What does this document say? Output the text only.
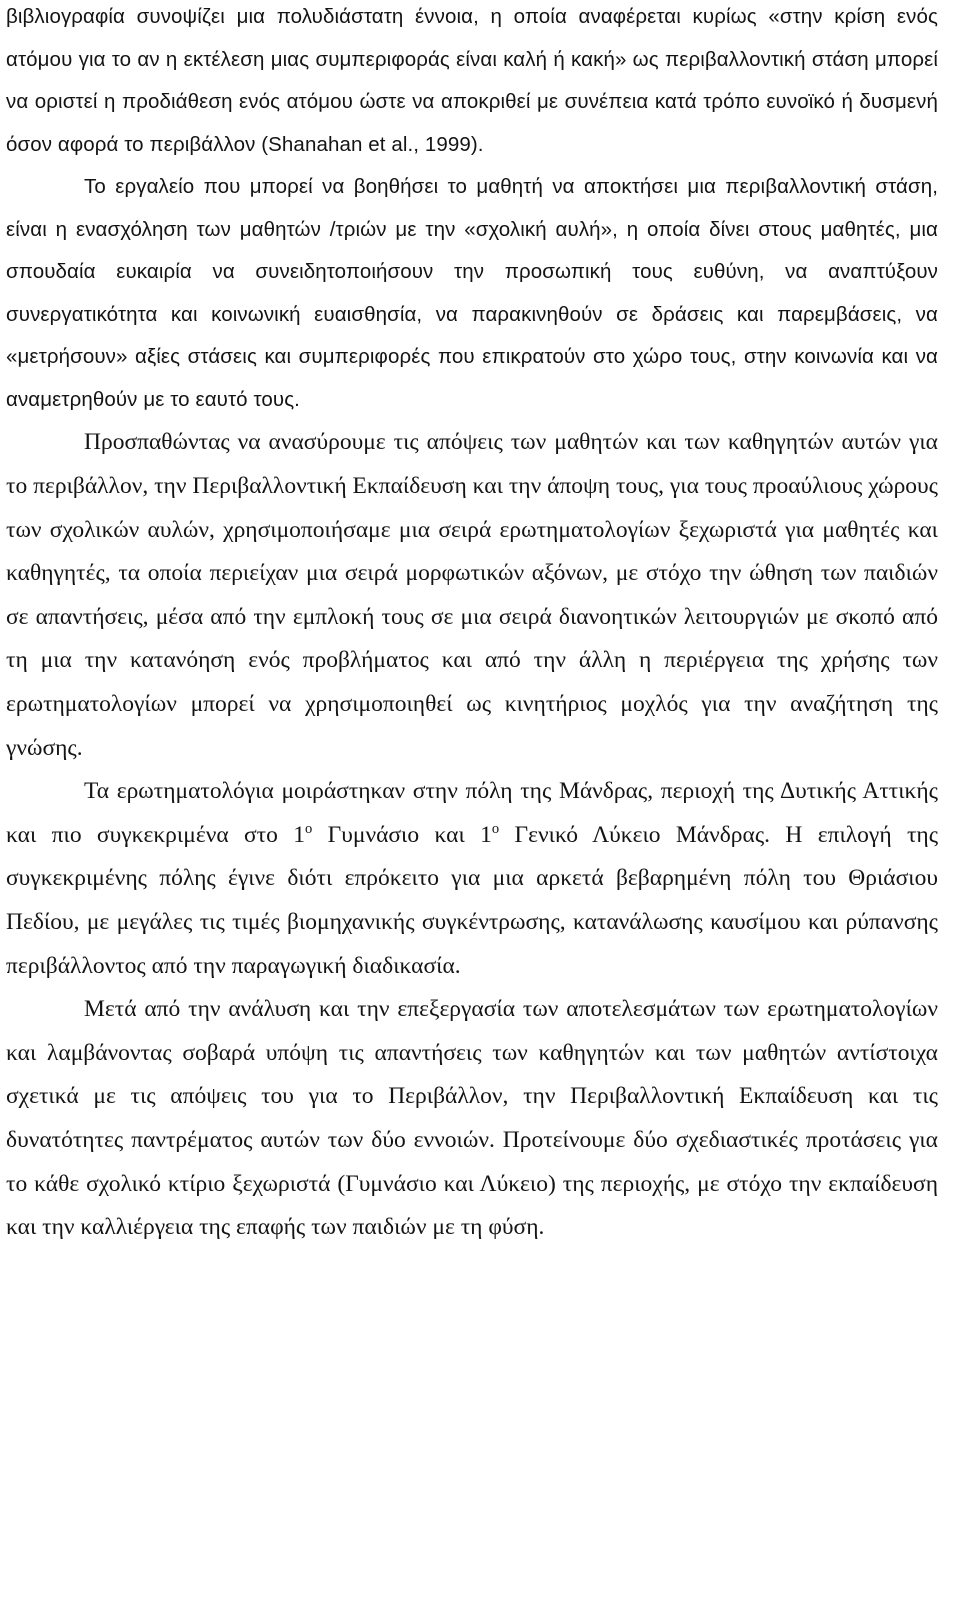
βιβλιογραφία συνοψίζει μια πολυδιάστατη έννοια, η οποία αναφέρεται κυρίως «στην κρίση ενός ατόμου για το αν η εκτέλεση μιας συμπεριφοράς είναι καλή ή κακή» ως περιβαλλοντική στάση μπορεί να οριστεί η προδιάθεση ενός ατόμου ώστε να αποκριθεί με συνέπεια κατά τρόπο ευνοϊκό ή δυσμενή όσον αφορά το περιβάλλον (Shanahan et al., 1999).

Το εργαλείο που μπορεί να βοηθήσει το μαθητή να αποκτήσει μια περιβαλλοντική στάση, είναι η ενασχόληση των μαθητών /τριών με την «σχολική αυλή», η οποία δίνει στους μαθητές, μια σπουδαία ευκαιρία να συνειδητοποιήσουν την προσωπική τους ευθύνη, να αναπτύξουν συνεργατικότητα και κοινωνική ευαισθησία, να παρακινηθούν σε δράσεις και παρεμβάσεις, να «μετρήσουν» αξίες στάσεις και συμπεριφορές που επικρατούν στο χώρο τους, στην κοινωνία και να αναμετρηθούν με το εαυτό τους.

Προσπαθώντας να ανασύρουμε τις απόψεις των μαθητών και των καθηγητών αυτών για το περιβάλλον, την Περιβαλλοντική Εκπαίδευση και την άποψη τους, για τους προαύλιους χώρους των σχολικών αυλών, χρησιμοποιήσαμε μια σειρά ερωτηματολογίων ξεχωριστά για μαθητές και καθηγητές, τα οποία περιείχαν μια σειρά μορφωτικών αξόνων, με στόχο την ώθηση των παιδιών σε απαντήσεις, μέσα από την εμπλοκή τους σε μια σειρά διανοητικών λειτουργιών με σκοπό από τη μια την κατανόηση ενός προβλήματος και από την άλλη η περιέργεια της χρήσης των ερωτηματολογίων μπορεί να χρησιμοποιηθεί ως κινητήριος μοχλός για την αναζήτηση της γνώσης.

Τα ερωτηματολόγια μοιράστηκαν στην πόλη της Μάνδρας, περιοχή της Δυτικής Αττικής και πιο συγκεκριμένα στο $1^o$ Γυμνάσιο και $1^o$ Γενικό Λύκειο Μάνδρας. Η επιλογή της συγκεκριμένης πόλης έγινε διότι επρόκειτο για μια αρκετά βεβαρημένη πόλη του Θριάσιου Πεδίου, με μεγάλες τις τιμές βιομηχανικής συγκέντρωσης, κατανάλωσης καυσίμου και ρύπανσης περιβάλλοντος από την παραγωγική διαδικασία.

Μετά από την ανάλυση και την επεξεργασία των αποτελεσμάτων των ερωτηματολογίων και λαμβάνοντας σοβαρά υπόψη τις απαντήσεις των καθηγητών και των μαθητών αντίστοιχα σχετικά με τις απόψεις του για το Περιβάλλον, την Περιβαλλοντική Εκπαίδευση και τις δυνατότητες παντρέματος αυτών των δύο εννοιών. Προτείνουμε δύο σχεδιαστικές προτάσεις για το κάθε σχολικό κτίριο ξεχωριστά (Γυμνάσιο και Λύκειο) της περιοχής, με στόχο την εκπαίδευση και την καλλιέργεια της επαφής των παιδιών με τη φύση.
